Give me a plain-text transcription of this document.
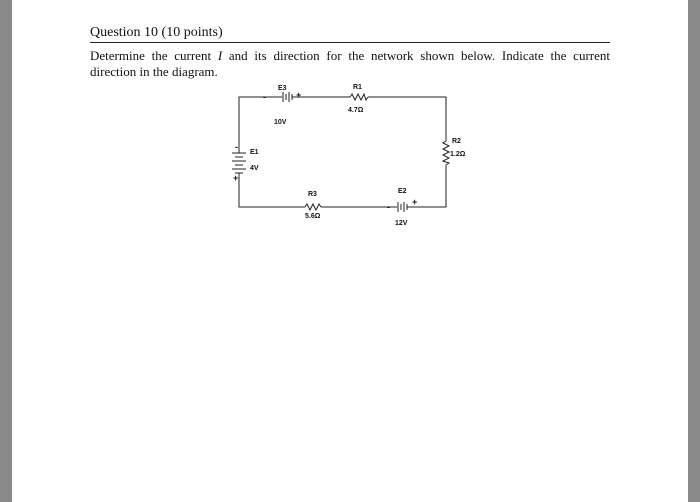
Question 10 (10 points)
Determine the current I and its direction for the network shown below. Indicate the current direction in the diagram.
E3
-	+
10V
R1
4.7Ω
R2
1.2Ω
-
+
E1
4V
R3
5.6Ω
E2
- +
12V
